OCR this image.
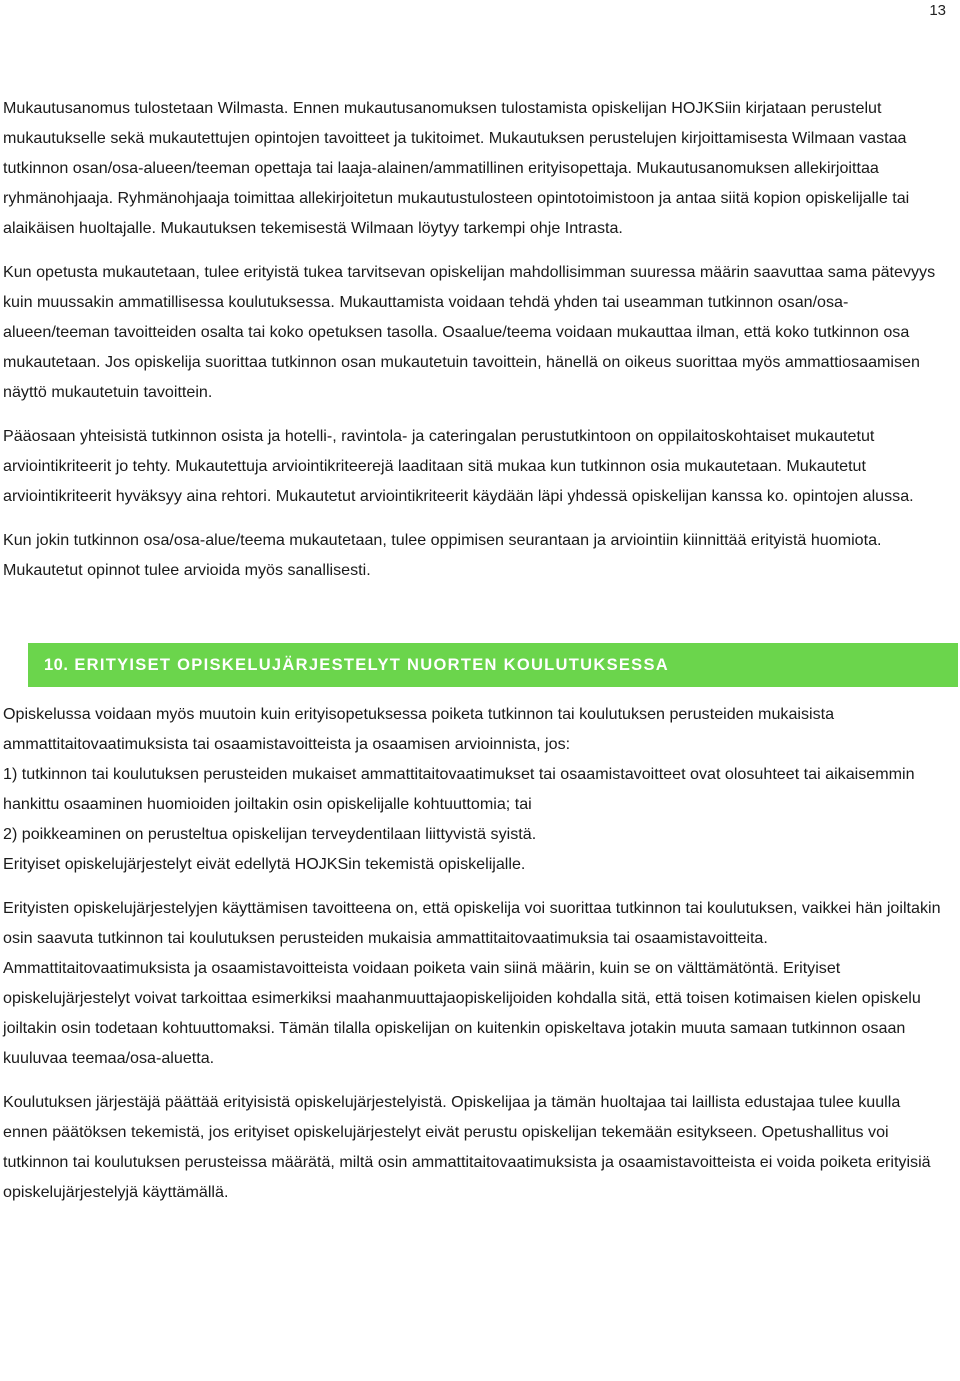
13

Mukautusanomus tulostetaan Wilmasta. Ennen mukautusanomuksen tulostamista opiskelijan HOJKSiin kirjataan perustelut mukautukselle sekä mukautettujen opintojen tavoitteet ja tukitoimet. Mukautuksen perustelujen kirjoittamisesta Wilmaan vastaa tutkinnon osan/osa-alueen/teeman opettaja tai laaja-alainen/ammatillinen erityisopettaja. Mukautusanomuksen allekirjoittaa ryhmänohjaaja. Ryhmänohjaaja toimittaa allekirjoitetun mukautustulosteen opintotoimistoon ja antaa siitä kopion opiskelijalle tai alaikäisen huoltajalle. Mukautuksen tekemisestä Wilmaan löytyy tarkempi ohje Intrasta.

Kun opetusta mukautetaan, tulee erityistä tukea tarvitsevan opiskelijan mahdollisimman suuressa määrin saavuttaa sama pätevyys kuin muussakin ammatillisessa koulutuksessa. Mukauttamista voidaan tehdä yhden tai useamman tutkinnon osan/osa-alueen/teeman tavoitteiden osalta tai koko opetuksen tasolla. Osaalue/teema voidaan mukauttaa ilman, että koko tutkinnon osa mukautetaan. Jos opiskelija suorittaa tutkinnon osan mukautetuin tavoittein, hänellä on oikeus suorittaa myös ammattiosaamisen näyttö mukautetuin tavoittein.

Pääosaan yhteisistä tutkinnon osista ja hotelli-, ravintola- ja cateringalan perustutkintoon on oppilaitoskohtaiset mukautetut arviointikriteerit jo tehty. Mukautettuja arviointikriteerejä laaditaan sitä mukaa kun tutkinnon osia mukautetaan. Mukautetut arviointikriteerit hyväksyy aina rehtori. Mukautetut arviointikriteerit käydään läpi yhdessä opiskelijan kanssa ko. opintojen alussa.

Kun jokin tutkinnon osa/osa-alue/teema mukautetaan, tulee oppimisen seurantaan ja arviointiin kiinnittää erityistä huomiota. Mukautetut opinnot tulee arvioida myös sanallisesti.

10. ERITYISET OPISKELUJÄRJESTELYT NUORTEN KOULUTUKSESSA

Opiskelussa voidaan myös muutoin kuin erityisopetuksessa poiketa tutkinnon tai koulutuksen perusteiden mukaisista ammattitaitovaatimuksista tai osaamistavoitteista ja osaamisen arvioinnista, jos:

1) tutkinnon tai koulutuksen perusteiden mukaiset ammattitaitovaatimukset tai osaamistavoitteet ovat olosuhteet tai aikaisemmin hankittu osaaminen huomioiden joiltakin osin opiskelijalle kohtuuttomia; tai

2) poikkeaminen on perusteltua opiskelijan terveydentilaan liittyvistä syistä.

Erityiset opiskelujärjestelyt eivät edellytä HOJKSin tekemistä opiskelijalle.

Erityisten opiskelujärjestelyjen käyttämisen tavoitteena on, että opiskelija voi suorittaa tutkinnon tai koulutuksen, vaikkei hän joiltakin osin saavuta tutkinnon tai koulutuksen perusteiden mukaisia ammattitaitovaatimuksia tai osaamistavoitteita. Ammattitaitovaatimuksista ja osaamistavoitteista voidaan poiketa vain siinä määrin, kuin se on välttämätöntä. Erityiset opiskelujärjestelyt voivat tarkoittaa esimerkiksi maahanmuuttajaopiskelijoiden kohdalla sitä, että toisen kotimaisen kielen opiskelu joiltakin osin todetaan kohtuuttomaksi. Tämän tilalla opiskelijan on kuitenkin opiskeltava jotakin muuta samaan tutkinnon osaan kuuluvaa teemaa/osa-aluetta.

Koulutuksen järjestäjä päättää erityisistä opiskelujärjestelyistä. Opiskelijaa ja tämän huoltajaa tai laillista edustajaa tulee kuulla ennen päätöksen tekemistä, jos erityiset opiskelujärjestelyt eivät perustu opiskelijan tekemään esitykseen. Opetushallitus voi tutkinnon tai koulutuksen perusteissa määrätä, miltä osin ammattitaitovaatimuksista ja osaamistavoitteista ei voida poiketa erityisiä opiskelujärjestelyjä käyttämällä.
